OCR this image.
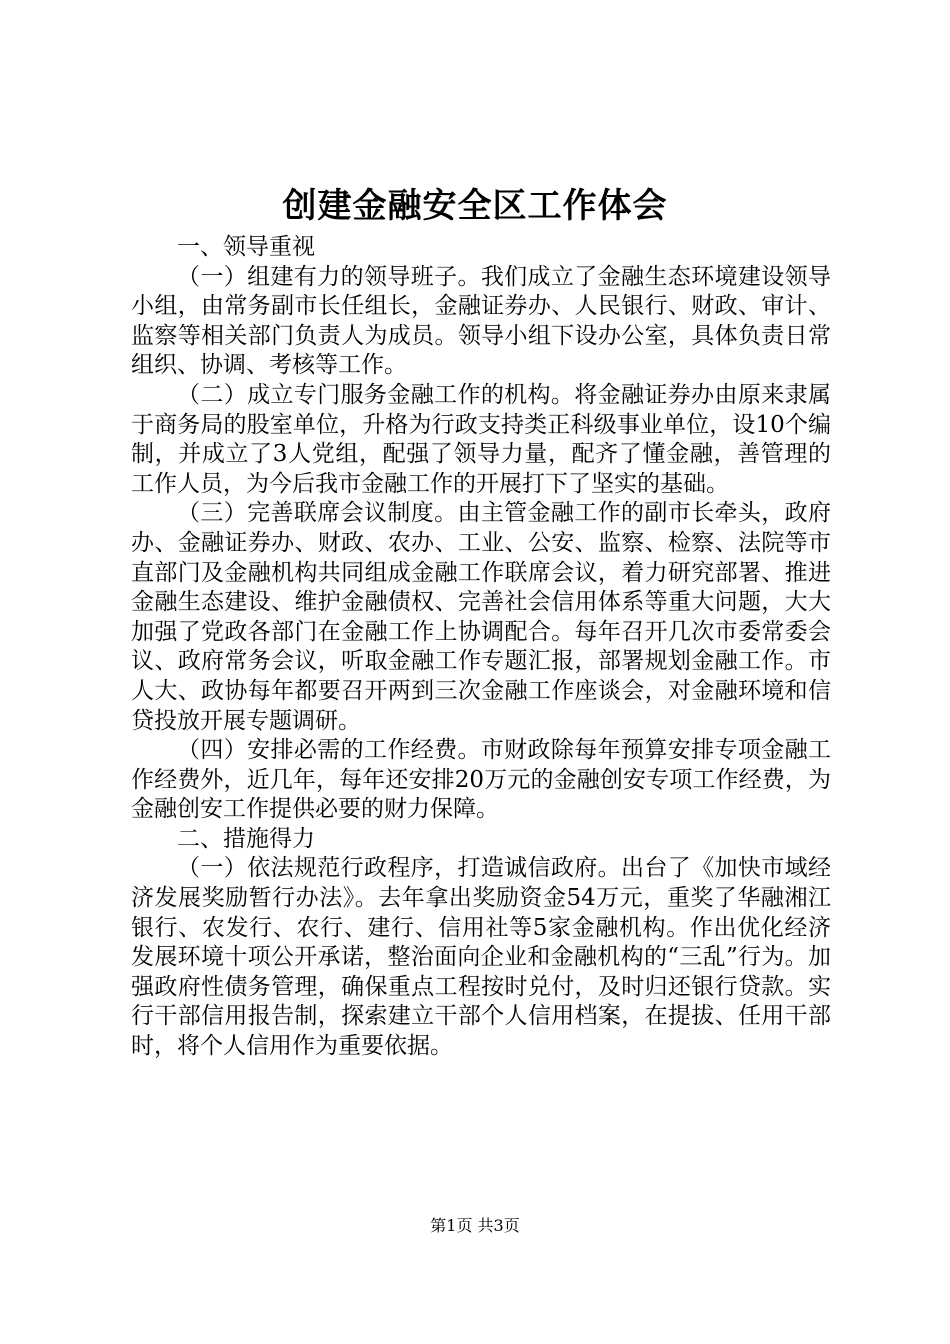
创建金融安全区工作体会

一、领导重视

（一）组建有力的领导班子。我们成立了金融生态环境建设领导小组，由常务副市长任组长，金融证券办、人民银行、财政、审计、监察等相关部门负责人为成员。领导小组下设办公室，具体负责日常组织、协调、考核等工作。

（二）成立专门服务金融工作的机构。将金融证券办由原来隶属于商务局的股室单位，升格为行政支持类正科级事业单位，设10个编制，并成立了3人党组，配强了领导力量，配齐了懂金融，善管理的工作人员，为今后我市金融工作的开展打下了坚实的基础。

（三）完善联席会议制度。由主管金融工作的副市长牵头，政府办、金融证券办、财政、农办、工业、公安、监察、检察、法院等市直部门及金融机构共同组成金融工作联席会议，着力研究部署、推进金融生态建设、维护金融债权、完善社会信用体系等重大问题，大大加强了党政各部门在金融工作上协调配合。每年召开几次市委常委会议、政府常务会议，听取金融工作专题汇报，部署规划金融工作。市人大、政协每年都要召开两到三次金融工作座谈会，对金融环境和信贷投放开展专题调研。

（四）安排必需的工作经费。市财政除每年预算安排专项金融工作经费外，近几年，每年还安排20万元的金融创安专项工作经费，为金融创安工作提供必要的财力保障。

二、措施得力

（一）依法规范行政程序，打造诚信政府。出台了《加快市域经济发展奖励暂行办法》。去年拿出奖励资金54万元，重奖了华融湘江银行、农发行、农行、建行、信用社等5家金融机构。作出优化经济发展环境十项公开承诺，整治面向企业和金融机构的“三乱”行为。加强政府性债务管理，确保重点工程按时兑付，及时归还银行贷款。实行干部信用报告制，探索建立干部个人信用档案，在提拔、任用干部时，将个人信用作为重要依据。

第1页 共3页
